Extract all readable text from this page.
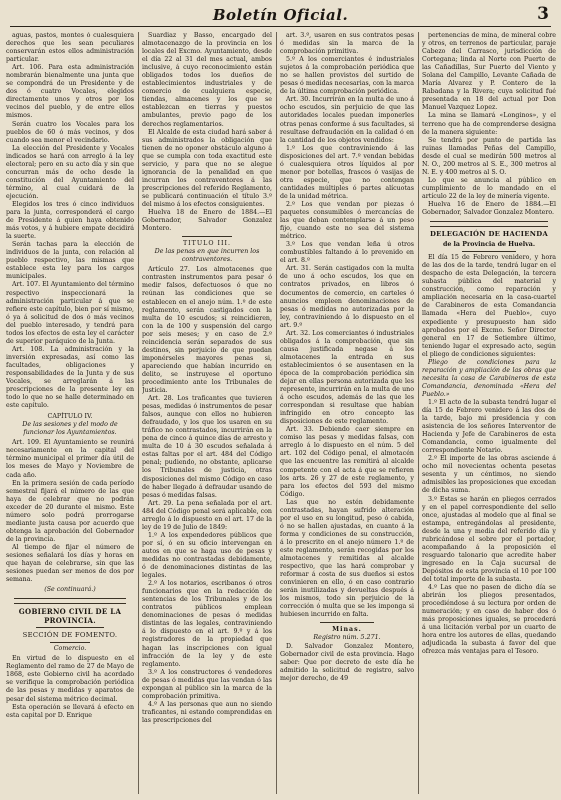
Boletín Oficial.	3

aguas, pastos, montes ó cualesquiera derechos que les sean peculiares conservarán estos ellos administración particular.

Art. 106. Para esta administración nombrarán bienalmente una junta que se compondrá de un Presidente y de dos ó cuatro Vocales, elegidos directamente unos y otros por los vecinos del pueblo, y de entre ellos mismos.

Serán cuatro los Vocales para los pueblos de 60 ó más vecinos, y dos cuando sea menor el vecindario.

La elección del Presidente y Vocales indicados se hará con arreglo á la ley electoral; pero en su acto día y sin que concurran más de ocho desde la constitución del Ayuntamiento del término, al cual cuidará de la ejecución.

Elegidos los tres ó cinco individuos para la junta, corresponderá el cargo de Presidente á quien haya obtenido más votos, y á hubiere empate decidirá la suerte.

Serán tachas para la elección de individuos de la junta, con relación al pueblo respectivo, las mismas que establece esta ley para los cargos municipales.

Art. 107. El Ayuntamiento del término respectivo inspeccionará la administración particular á que se refiere este capítulo, bien por sí mismo, ó ya á solicitud de dos ó más vecinos del pueblo interesado, y tendrá para todos los efectos de esta ley el carácter de superior paráquico de la Junta.

Art. 108. La administración y la inversión expresadas, así como las facultades, obligaciones y responsabilidades de la Junta y de sus Vocales, se arreglarán á las prescripciones de la presente ley en todo lo que no se halle determinado en este capítulo.

CAPÍTULO IV.

De las sesiones y del modo de funcionar los Ayuntamientos.

Art. 109. El Ayuntamiento se reunirá necesariamente en la capital del término municipal el primer día útil de los meses de Mayo y Noviembre de cada año.

En la primera sesión de cada período semestral fijará el número de las que haya de celebrar que no podrán exceder de 20 durante el mismo. Este número solo podrá prorrogarse mediante justa causa por acuerdo que obtenga la aprobación del Gobernador de la provincia.

Al tiempo de fijar el número de sesiones señalará los días y horas en que hayan de celebrarse, sin que las sesiones puedan ser menos de dos por semana.

(Se continuará.)

GOBIERNO CIVIL DE LA PROVINCIA.

SECCIÓN DE FOMENTO.

Comercio.

En virtud de lo dispuesto en el Reglamento del ramo de 27 de Mayo de 1868, este Gobierno civil ha acordado se verifique la comprobación periódica de las pesas y medidas y aparatos de pesar del sistema métrico decimal.

Esta operación se llevará á efecto en esta capital por D. Enrique

Suardiaz y Basso, encargado del almotacenazgo de la provincia en los locales del Excmo. Ayuntamiento, desde el día 22 al 31 del mes actual, ambos inclusive, á cuyo reconocimiento están obligados todos los dueños de establecimientos industriales y de comercio de cualquiera especie, tiendas, almacenes y los que se establezcan en tierras y puestos ambulantes, previo pago de los derechos reglamentarios.

El Alcalde de esta ciudad hará saber á sus administrados la obligación que tienen de no oponer obstáculo alguno á que se cumpla con toda exactitud este servicio, y para que no se alegue ignorancia de la penalidad en que incurran los contraventores á las prescripciones del referido Reglamento, se publicará continuación el título 3.º del mismo á los efectos consiguientes.

Huelva 18 de Enero de 1884.—El Gobernador, Salvador Gonzalez Montero.

TITULO III.

De las penas en que incurren los contraventores.

Artículo 27. Los almotacenes que contrasten instrumentos para pesar ó medir falsos, defectuosos ó que no reúnan las condiciones que se establecen en el anejo núm. 1.º de este reglamento, serán castigados con la multa de 10 escudos; si reincidieren, con la de 100 y suspensión del cargo por seis meses; y en caso de 2.º reincidencia serán separados de sus destinos, sin perjuicio de que puedan imponérseles mayores penas si, apareciendo que habían incurrido en delito, se instruyese el oportuno procedimiento ante los Tribunales de Justicia.

Art. 28. Los traficantes que tuvieren pesas, medidas ó instrumentos de pesar falsos, aunque con ellos no hubieren defraudado, y los que los usaren en su tráfico no contrastados, incurrirán en la pena de cinco á quince días de arresto y multa de 10 á 30 escudos señalada á estas faltas por el art. 484 del Código penal; pudiendo, no obstante, aplicarse los Tribunales de justicia, otras disposiciones del mismo Código en caso de haber llegado á defraudar usando de pesas ó medidas falsas.

Art. 29. La pena señalada por el art. 484 del Código penal será aplicable, con arreglo á lo dispuesto en el art. 17 de la ley de 19 de Julio de 1849:

1.º A los expendedores públicos que por sí, ó en su oficio intervengan en autos en que se haga uso de pesas y medidas no contrastadas debidamente, ó de denominaciones distintas de las legales.

2.º A los notarios, escribanos ó otros funcionarios que en la redacción de sentencias de los Tribunales y de los contratos públicos emplean denominaciones de pesas ó medidas distintas de las legales, contraviniendo á lo dispuesto en el art. 9.º y á los registradores de la propiedad que hagan las inscripciones con igual infracción de la ley y de este reglamento.

3.º A los constructores ó vendedores de pesas ó medidas que las vendan ó las expongan al público sin la marca de la comprobación primitiva.

4.º A las personas que aun no siendo traficantes, ni estando comprendidas en las prescripciones del

art. 3.º, usaren en sus contratos pesas ó medidas sin la marca de la comprobación primitiva.

5.º A los comerciantes é industriales sujetos á la comprobación periódica que no se hallen provistos del surtido de pesas ó medidas necesarias, con la marca de la última comprobación periódica.

Art. 30. Incurrirán en la multa de uno á ocho escudos, sin perjuicio de que las autoridades locales puedan imponerles otras penas conforme á sus facultades, si resultase defraudación en la calidad ó en la cantidad de los objetos vendidos:

1.º Los que contraviniendo á las disposiciones del art. 7.º vendan bebidas ó cualesquiera otros líquidos al por menor por botellas, frascos ó vasijas de otra especie, que no contengan cantidades múltiples ó partes alícuotas de la unidad métrica.

2.º Los que vendan por piezas ó paquetes consumibles ó mercancías de las que deban contemplarse á un peso fijo, cuando este no sea del sistema métrico.

3.º Los que vendan leña ú otros combustibles faltando á lo prevenido en el art. 8.º

Art. 31. Serán castigados con la multa de uno á ocho escudos, los que en contratos privados, en libros ó documentos de comercio, en carteles ó anuncios empleen denominaciones de pesas ó medidas no autorizadas por la ley, contraviniendo á lo dispuesto en el art. 9.º

Art. 32. Los comerciantes ó industriales obligados á la comprobación, que sin causa justificada negase á los almotacenes la entrada en sus establecimientos ó se ausentasen en la época de la comprobación periódica sin dejar en ellas persona autorizada que les represente, incurrirán en la multa de uno á ocho escudos, además de las que les correspondan si resultase que habían infringido en otro concepto las disposiciones de este reglamento.

Art. 33. Debiendo caer siempre en comiso las pesas y medidas falsas, con arreglo á lo dispuesto en el núm. 5 del art. 102 del Código penal, el almotacén que las encuentre las remitirá al alcalde competente con el acta á que se refieren los arts. 26 y 27 de este reglamento, y para los efectos del 593 del mismo Código.

Las que no estén debidamente contrastadas, hayan sufrido alteración por el uso en su longitud, peso ó cabida, ó no se hallen ajustadas, en cuanto á la forma y condiciones de su construcción, á lo prescrito en el anejo número 1.º de este reglamento, serán recogidas por los almotacenes y remitidas al alcalde respectivo, que las hará comprobar y reformar á costa de sus dueños si estos convinieren en ello, ó en caso contrario serán inutilizadas y devueltas después á los mismos, todo sin perjuicio de la corrección ó multa que se les imponga si hubiesen incurrido en falta.

Minas.

Registro núm. 5.271.

D. Salvador Gonzalez Montero, Gobernador civil de esta provincia. Hago saber: Que por decreto de este día he admitido la solicitud de registro, salvo mejor derecho, de 49

pertenencias de mina, de mineral cobre y otros, en terrenos de particular, paraje Cabezo del Carrasco, jurisdicción de Cortegana; linda al Norte con Puerto de las Cañadillas, Sur Puerto del Viento y Solana del Campillo, Levante Cañada de María Alvarez y P. Contero de la Rabadana y la Rivera; cuya solicitud fué presentada en 18 del actual por Don Manuel Vazquez Lopez.

La mina se llamará «Longinos», y el terreno que ha de comprenderse designa de la manera siguiente:

Se tendrá por punto de partida las ruinas llamadas Peñas del Campillo, desde el cual se medirán 500 metros al N. O., 200 metros al S. E., 300 metros al N. E. y 400 metros al S. O.

Lo que se anuncia al público en cumplimiento de lo mandado en el artículo 22 de la ley de minería vigente.

Huelva 16 de Enero de 1884.—El Gobernador, Salvador Gonzalez Montero.

DELEGACIÓN DE HACIENDA

de la Provincia de Huelva.

El día 15 de Febrero venidero, y hora de las dos de la tarde, tendrá lugar en el despacho de esta Delegación, la tercera subasta pública del material y construcción, como reparación y ampliación necesaria en la casa-cuartel de Carabineros de esta Comandancia llamada «Hera del Pueblo», cuyo expediente y presupuesto han sido aprobados por el Excmo. Señor Director general en 17 de Setiembre último, teniendo lugar el expresado acto, según el pliego de condiciones siguientes:

Pliego de condiciones para la reparación y ampliación de las obras que necesita la casa de Carabineros de esta Comandancia, denominada «Hera del Pueblo.»

1.º El acto de la subasta tendrá lugar el día 15 de Febrero venidero á las dos de la tarde, bajo mi presidencia y con asistencia de los señores Interventor de Hacienda y Jefe de Carabineros de esta Comandancia, como igualmente del correspondiente Notario.

2.º El importe de las obras asciende á ocho mil novecientas ochenta pesetas sesenta y un céntimos, no siendo admisibles las proposiciones que excedan de dicha suma.

3.º Estas se harán en pliegos cerrados y en el papel correspondiente del sello once, ajustadas al modelo que al final se estampa, entregándolas al presidente, desde la una y media del referido día y rubricándose el sobre por el portador, acompañando á la proposición el resguardo talonario que acredite haber ingresado en la Caja sucursal de Depósitos de esta provincia el 10 por 100 del total importe de la subasta.

4.º Las que no pasen de dicho día se abrirán los pliegos presentados, procediéndose á su lectura por orden de numeración; y en caso de haber dos ó más proposiciones iguales, se procederá á una licitación verbal por un cuarto de hora entre los autores de ellas, quedando adjudicada la subasta á favor del que ofrezca más ventajas para el Tesoro.
